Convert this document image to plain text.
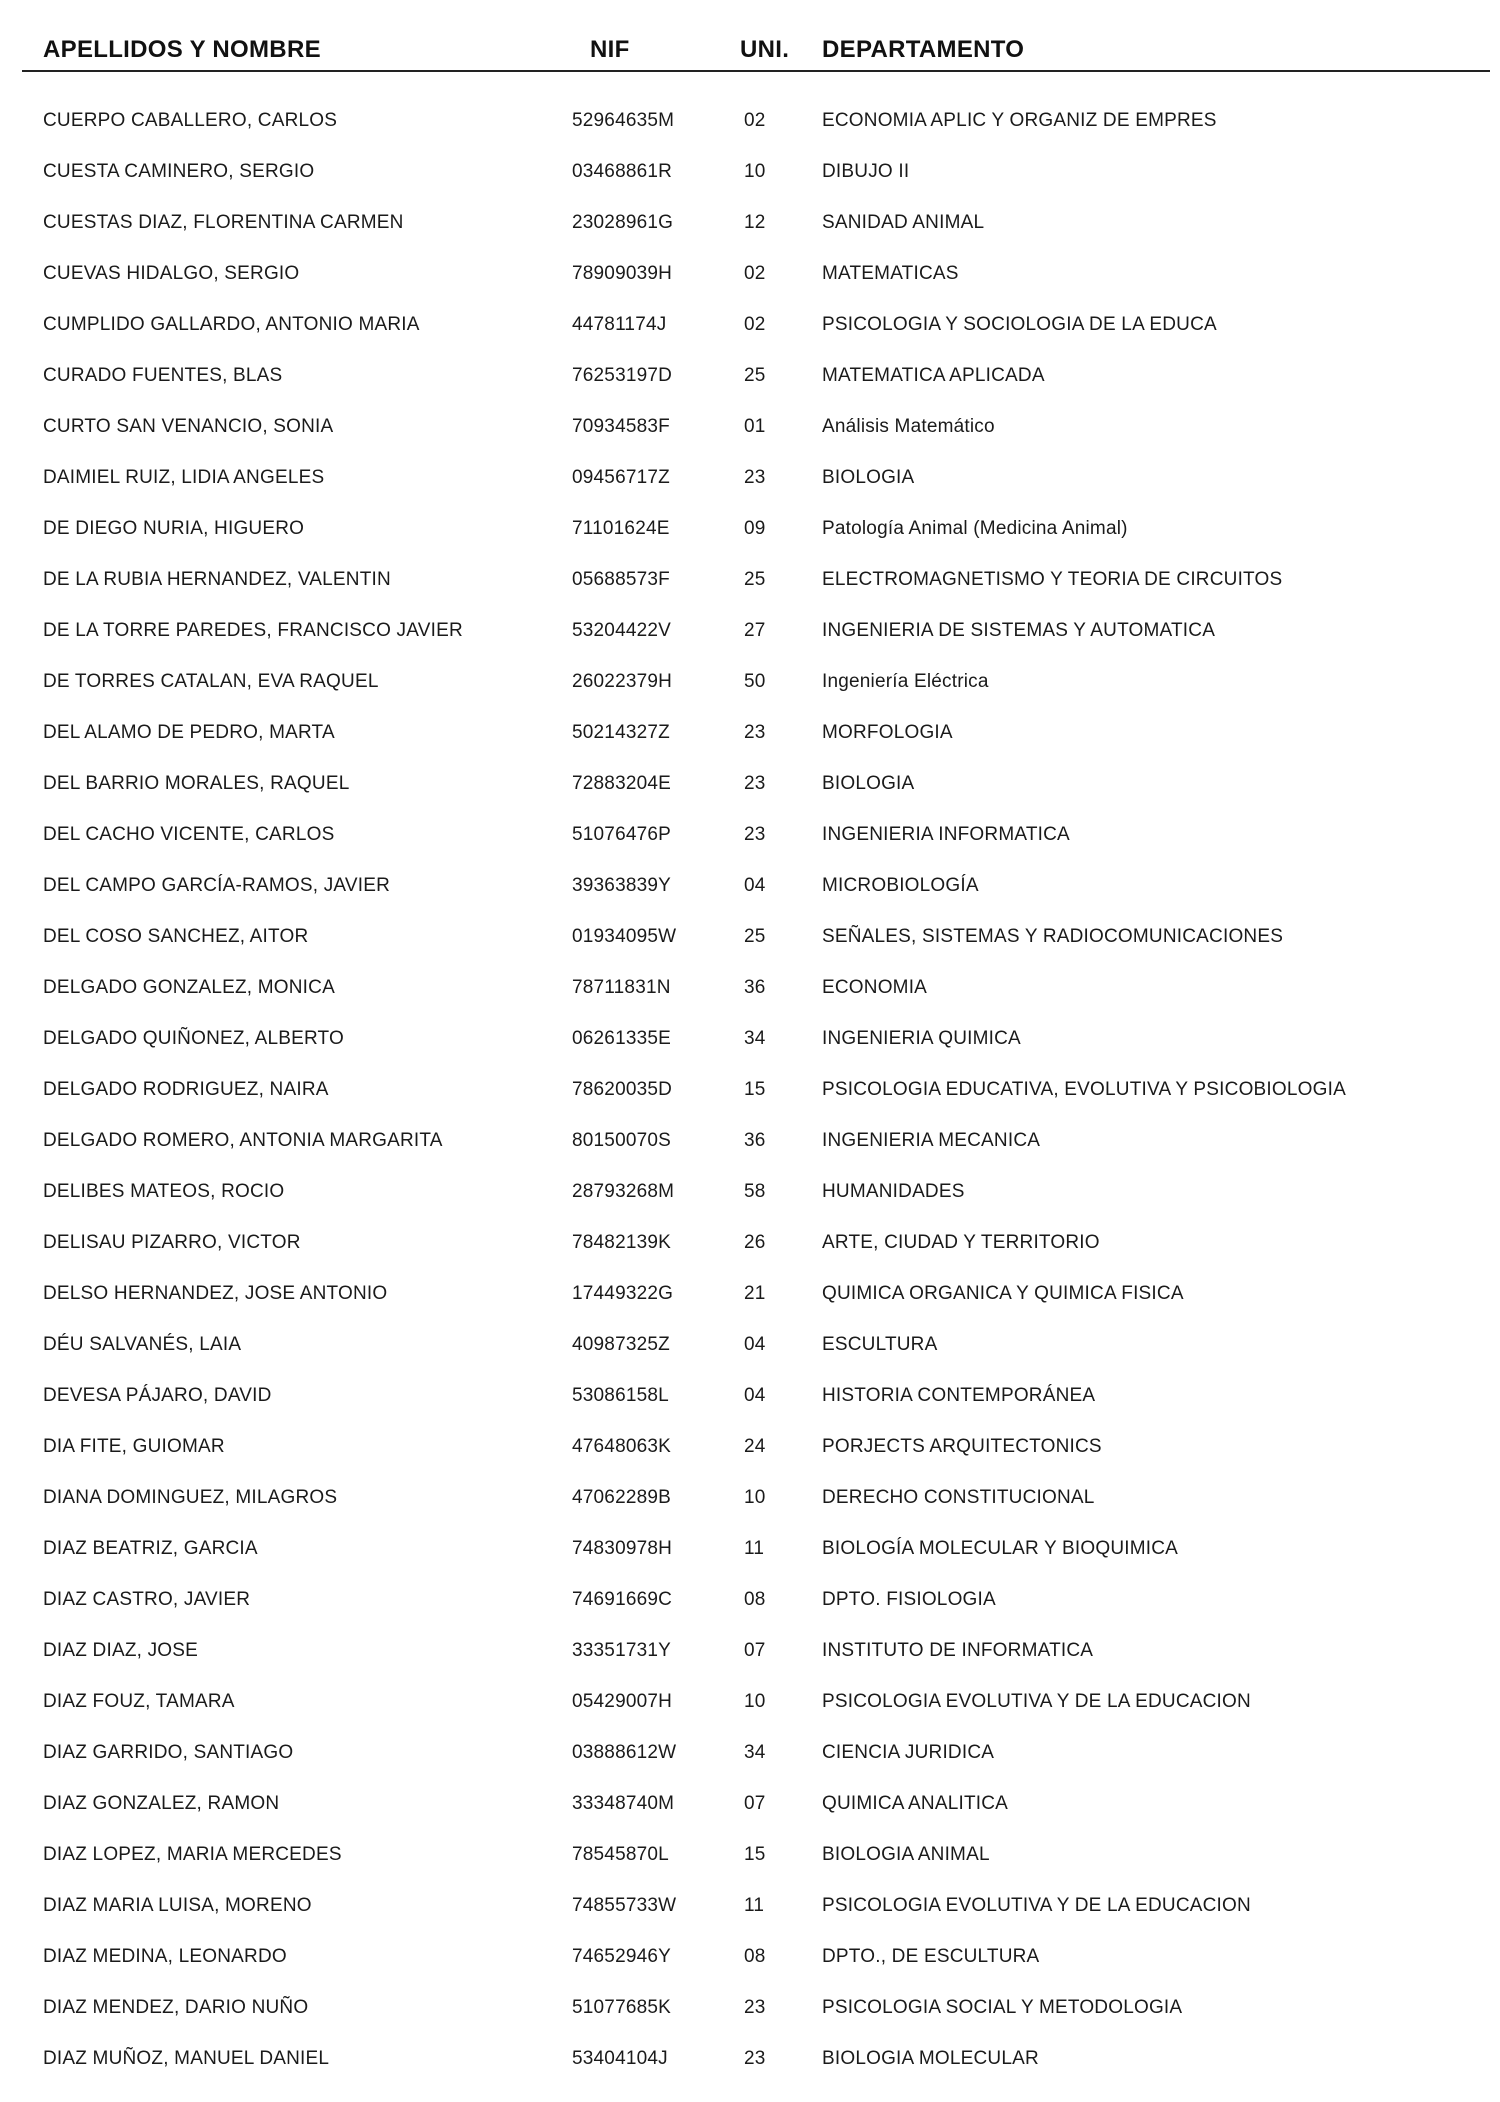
APELLIDOS Y NOMBRE	NIF	UNI. DEPARTAMENTO
CUERPO CABALLERO, CARLOS	52964635M	02	ECONOMIA APLIC Y ORGANIZ DE EMPRES
CUESTA CAMINERO, SERGIO	03468861R	10	DIBUJO II
CUESTAS DIAZ, FLORENTINA CARMEN	23028961G	12	SANIDAD ANIMAL
CUEVAS HIDALGO, SERGIO	78909039H	02	MATEMATICAS
CUMPLIDO GALLARDO, ANTONIO MARIA	44781174J	02	PSICOLOGIA Y SOCIOLOGIA DE LA EDUCA
CURADO FUENTES, BLAS	76253197D	25	MATEMATICA APLICADA
CURTO SAN VENANCIO, SONIA	70934583F	01	Análisis Matemático
DAIMIEL RUIZ, LIDIA ANGELES	09456717Z	23	BIOLOGIA
DE DIEGO NURIA, HIGUERO	71101624E	09	Patología Animal (Medicina Animal)
DE LA RUBIA HERNANDEZ, VALENTIN	05688573F	25	ELECTROMAGNETISMO Y TEORIA DE CIRCUITOS
DE LA TORRE PAREDES, FRANCISCO JAVIER	53204422V	27	INGENIERIA DE SISTEMAS Y AUTOMATICA
DE TORRES CATALAN, EVA RAQUEL	26022379H	50	Ingeniería Eléctrica
DEL ALAMO DE PEDRO, MARTA	50214327Z	23	MORFOLOGIA
DEL BARRIO MORALES, RAQUEL	72883204E	23	BIOLOGIA
DEL CACHO VICENTE, CARLOS	51076476P	23	INGENIERIA INFORMATICA
DEL CAMPO GARCÍA-RAMOS, JAVIER	39363839Y	04	MICROBIOLOGÍA
DEL COSO SANCHEZ, AITOR	01934095W	25	SEÑALES, SISTEMAS Y RADIOCOMUNICACIONES
DELGADO GONZALEZ, MONICA	78711831N	36	ECONOMIA
DELGADO QUIÑONEZ, ALBERTO	06261335E	34	INGENIERIA QUIMICA
DELGADO RODRIGUEZ, NAIRA	78620035D	15	PSICOLOGIA EDUCATIVA, EVOLUTIVA Y PSICOBIOLOGIA
DELGADO ROMERO, ANTONIA MARGARITA	80150070S	36	INGENIERIA MECANICA
DELIBES MATEOS, ROCIO	28793268M	58	HUMANIDADES
DELISAU PIZARRO, VICTOR	78482139K	26	ARTE, CIUDAD Y TERRITORIO
DELSO HERNANDEZ, JOSE ANTONIO	17449322G	21	QUIMICA ORGANICA Y QUIMICA FISICA
DÉU SALVANÉS, LAIA	40987325Z	04	ESCULTURA
DEVESA PÁJARO, DAVID	53086158L	04	HISTORIA CONTEMPORÁNEA
DIA FITE, GUIOMAR	47648063K	24	PORJECTS ARQUITECTONICS
DIANA DOMINGUEZ, MILAGROS	47062289B	10	DERECHO CONSTITUCIONAL
DIAZ BEATRIZ, GARCIA	74830978H	11	BIOLOGÍA MOLECULAR Y BIOQUIMICA
DIAZ CASTRO, JAVIER	74691669C	08	DPTO. FISIOLOGIA
DIAZ DIAZ, JOSE	33351731Y	07	INSTITUTO DE INFORMATICA
DIAZ FOUZ, TAMARA	05429007H	10	PSICOLOGIA EVOLUTIVA Y DE LA EDUCACION
DIAZ GARRIDO, SANTIAGO	03888612W	34	CIENCIA JURIDICA
DIAZ GONZALEZ, RAMON	33348740M	07	QUIMICA ANALITICA
DIAZ LOPEZ, MARIA MERCEDES	78545870L	15	BIOLOGIA ANIMAL
DIAZ MARIA LUISA, MORENO	74855733W	11	PSICOLOGIA EVOLUTIVA Y DE LA EDUCACION
DIAZ MEDINA, LEONARDO	74652946Y	08	DPTO., DE ESCULTURA
DIAZ MENDEZ, DARIO NUÑO	51077685K	23	PSICOLOGIA SOCIAL Y METODOLOGIA
DIAZ MUÑOZ, MANUEL DANIEL	53404104J	23	BIOLOGIA MOLECULAR
